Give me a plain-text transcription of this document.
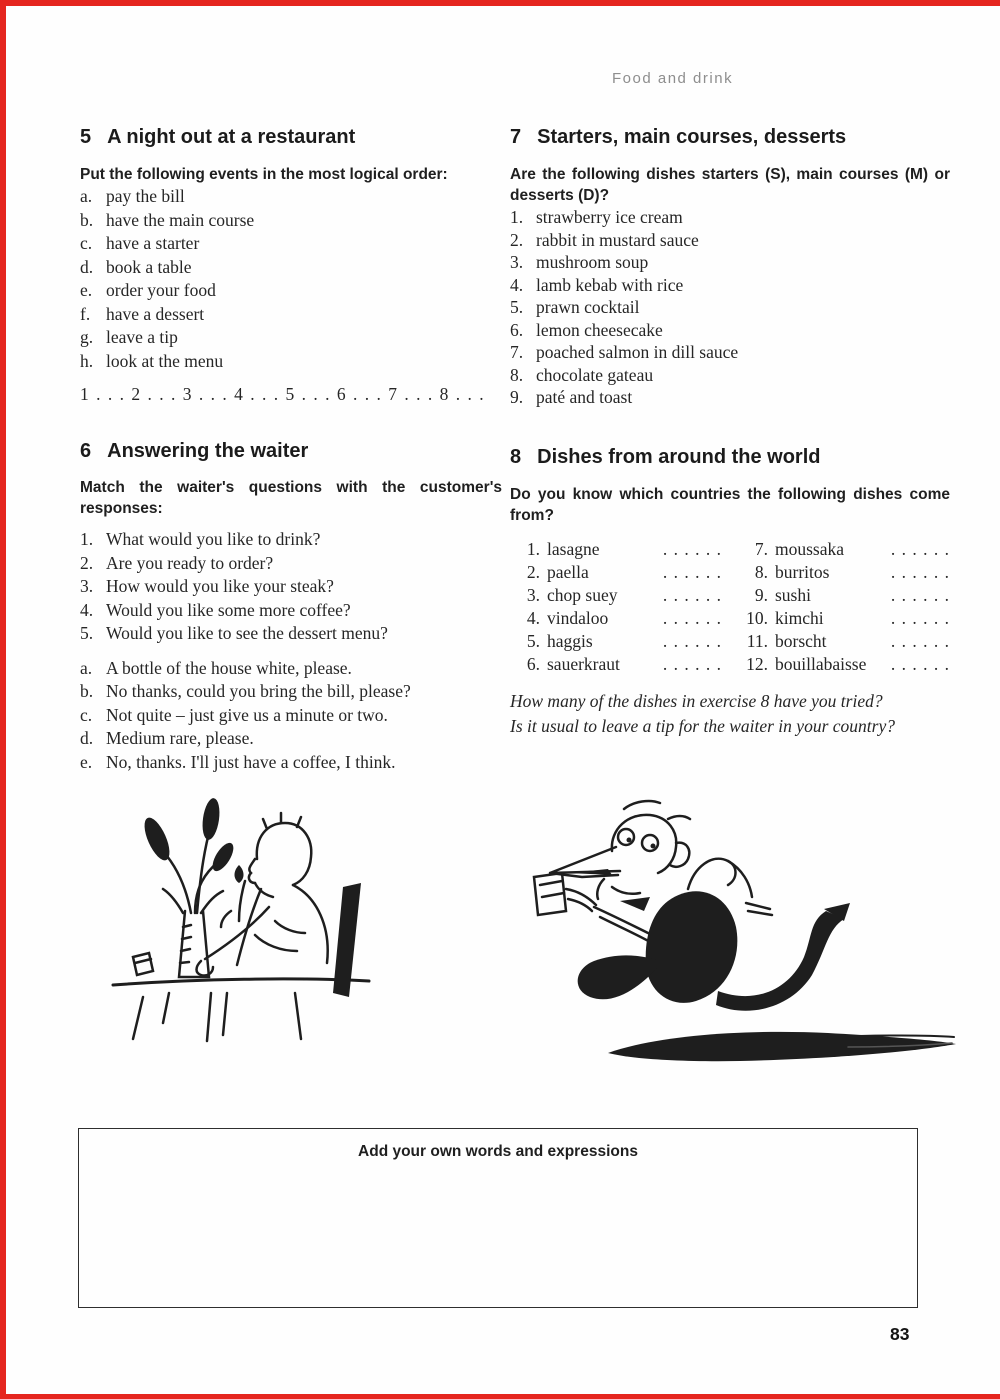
Food and drink
5 A night out at a restaurant
Put the following events in the most logical order:
a. pay the bill
b. have the main course
c. have a starter
d. book a table
e. order your food
f. have a dessert
g. leave a tip
h. look at the menu
1 . . . 2 . . . 3 . . . 4 . . . 5 . . . 6 . . . 7 . . . 8 . . .
6 Answering the waiter
Match the waiter's questions with the customer's responses:
1. What would you like to drink?
2. Are you ready to order?
3. How would you like your steak?
4. Would you like some more coffee?
5. Would you like to see the dessert menu?
a. A bottle of the house white, please.
b. No thanks, could you bring the bill, please?
c. Not quite – just give us a minute or two.
d. Medium rare, please.
e. No, thanks. I'll just have a coffee, I think.
7 Starters, main courses, desserts
Are the following dishes starters (S), main courses (M) or desserts (D)?
1. strawberry ice cream
2. rabbit in mustard sauce
3. mushroom soup
4. lamb kebab with rice
5. prawn cocktail
6. lemon cheesecake
7. poached salmon in dill sauce
8. chocolate gateau
9. paté and toast
8 Dishes from around the world
Do you know which countries the following dishes come from?
1. lasagne	. . . . . .
2. paella	. . . . . .
3. chop suey	. . . . . .
4. vindaloo	. . . . . .
5. haggis	. . . . . .
6. sauerkraut . . . . . .
7. moussaka	. . . . . .
8. burritos	. . . . . .
9. sushi	. . . . . .
10. kimchi	. . . . . .
11. borscht	. . . . . .
12. bouillabaisse . . . . . .

How many of the dishes in exercise 8 have you tried?

Is it usual to leave a tip for the waiter in your country?

Add your own words and expressions
83
